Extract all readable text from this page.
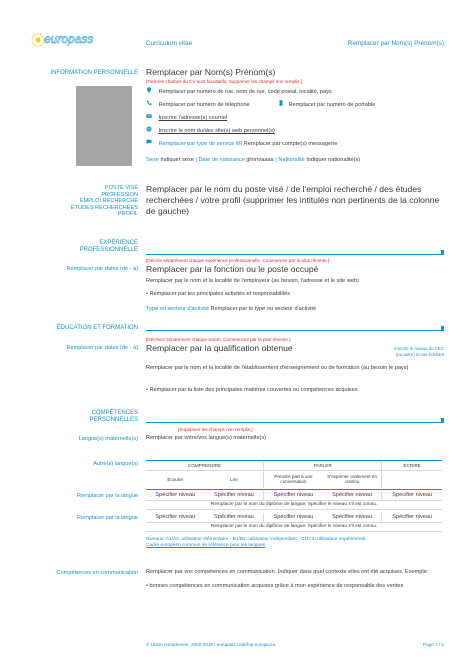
europass	Curriculum vitae	Remplacer par Nom(s) Prénom(s)
INFORMATION PERSONNELLE Remplacer par Nom(s) Prénom(s)
[Tous les champs du CV sont facultatifs. Supprimer les champs non remplis.]
Remplacer par numéro de rue, nom de rue, code postal, localité, pays
Remplacer par numéro de téléphone	Remplacer par numéro de portable
Inscrire l'adresse(s) courriel
Inscrire le nom du/des site(s) web personnel(s)
Remplacer par type de service MI Remplacer par compte(s) messagerie
Sexe Indiquer sexe | Date de naissance jj/mm/aaaa | Nationalité Indiquer nationalité(s)
POSTE VISÉ
PROFESSION
EMPLOI RECHERCHÉ
ÉTUDES RECHERCHÉES
PROFIL
Remplacer par le nom du poste visé / de l'emploi recherché / des études recherchées / votre profil (supprimer les intitulés non pertinents de la colonne de gauche)
EXPÉRIENCE
PROFESSIONNELLE
[Décrire séparément chaque expérience professionnelle. Commencer par la plus récente.]
Remplacer par dates (de - à) Remplacer par la fonction ou le poste occupé
Remplacer par le nom et la localité de l'employeur (au besoin, l'adresse et le site web)
• Remplacer par les principales activités et responsabilités
Type ou secteur d'activité Remplacer par le type ou secteur d'activité
ÉDUCATION ET FORMATION
[Décrivez séparément chaque action. Commencez par la plus récente.]
Remplacer par dates (de - à) Remplacer par la qualification obtenue	Inscrire le niveau du CEC (ou autre) si cas échéant
Remplacer par le nom et la localité de l'établissement d'enseignement ou de formation (au besoin le pays)
• Remplacer par la liste des principales matières couvertes ou compétences acquises
COMPÉTENCES
PERSONNELLES
[Supprimer les champs non remplis.]
Langue(s) maternelle(s) Remplacer par votre/vos langue(s) maternelle(s)
Autre(s) langue(s)	COMPRENDRE		PARLER		ÉCRIRE
Écouter	Lire	Prendre part à une conversation	S'exprimer oralement en continu	
Remplacer par la langue	Spécifier niveau	Spécifier niveau	Spécifier niveau	Spécifier niveau	Spécifier niveau
Remplacer par le nom du diplôme de langue. Spécifier le niveau s'il est connu.
Remplacer par la langue	Spécifier niveau	Spécifier niveau	Spécifier niveau	Spécifier niveau	Spécifier niveau
Remplacer par le nom du diplôme de langue. Spécifier le niveau s'il est connu.
Niveaux: A1/A2: utilisateur élémentaire - B1/B2: utilisateur indépendant - C1/C2: utilisateur expérimenté
Cadre européen commun de référence pour les langues
Compétences en communication Remplacer par vos compétences en communication. Indiquer dans quel contexte elles ont été acquises. Exemple:
• bonnes compétences en communication acquises grâce à mon expérience de responsable des ventes
© Union européenne, 2002-2018 | europass.cedefop.europa.eu	Page 1 / 2
